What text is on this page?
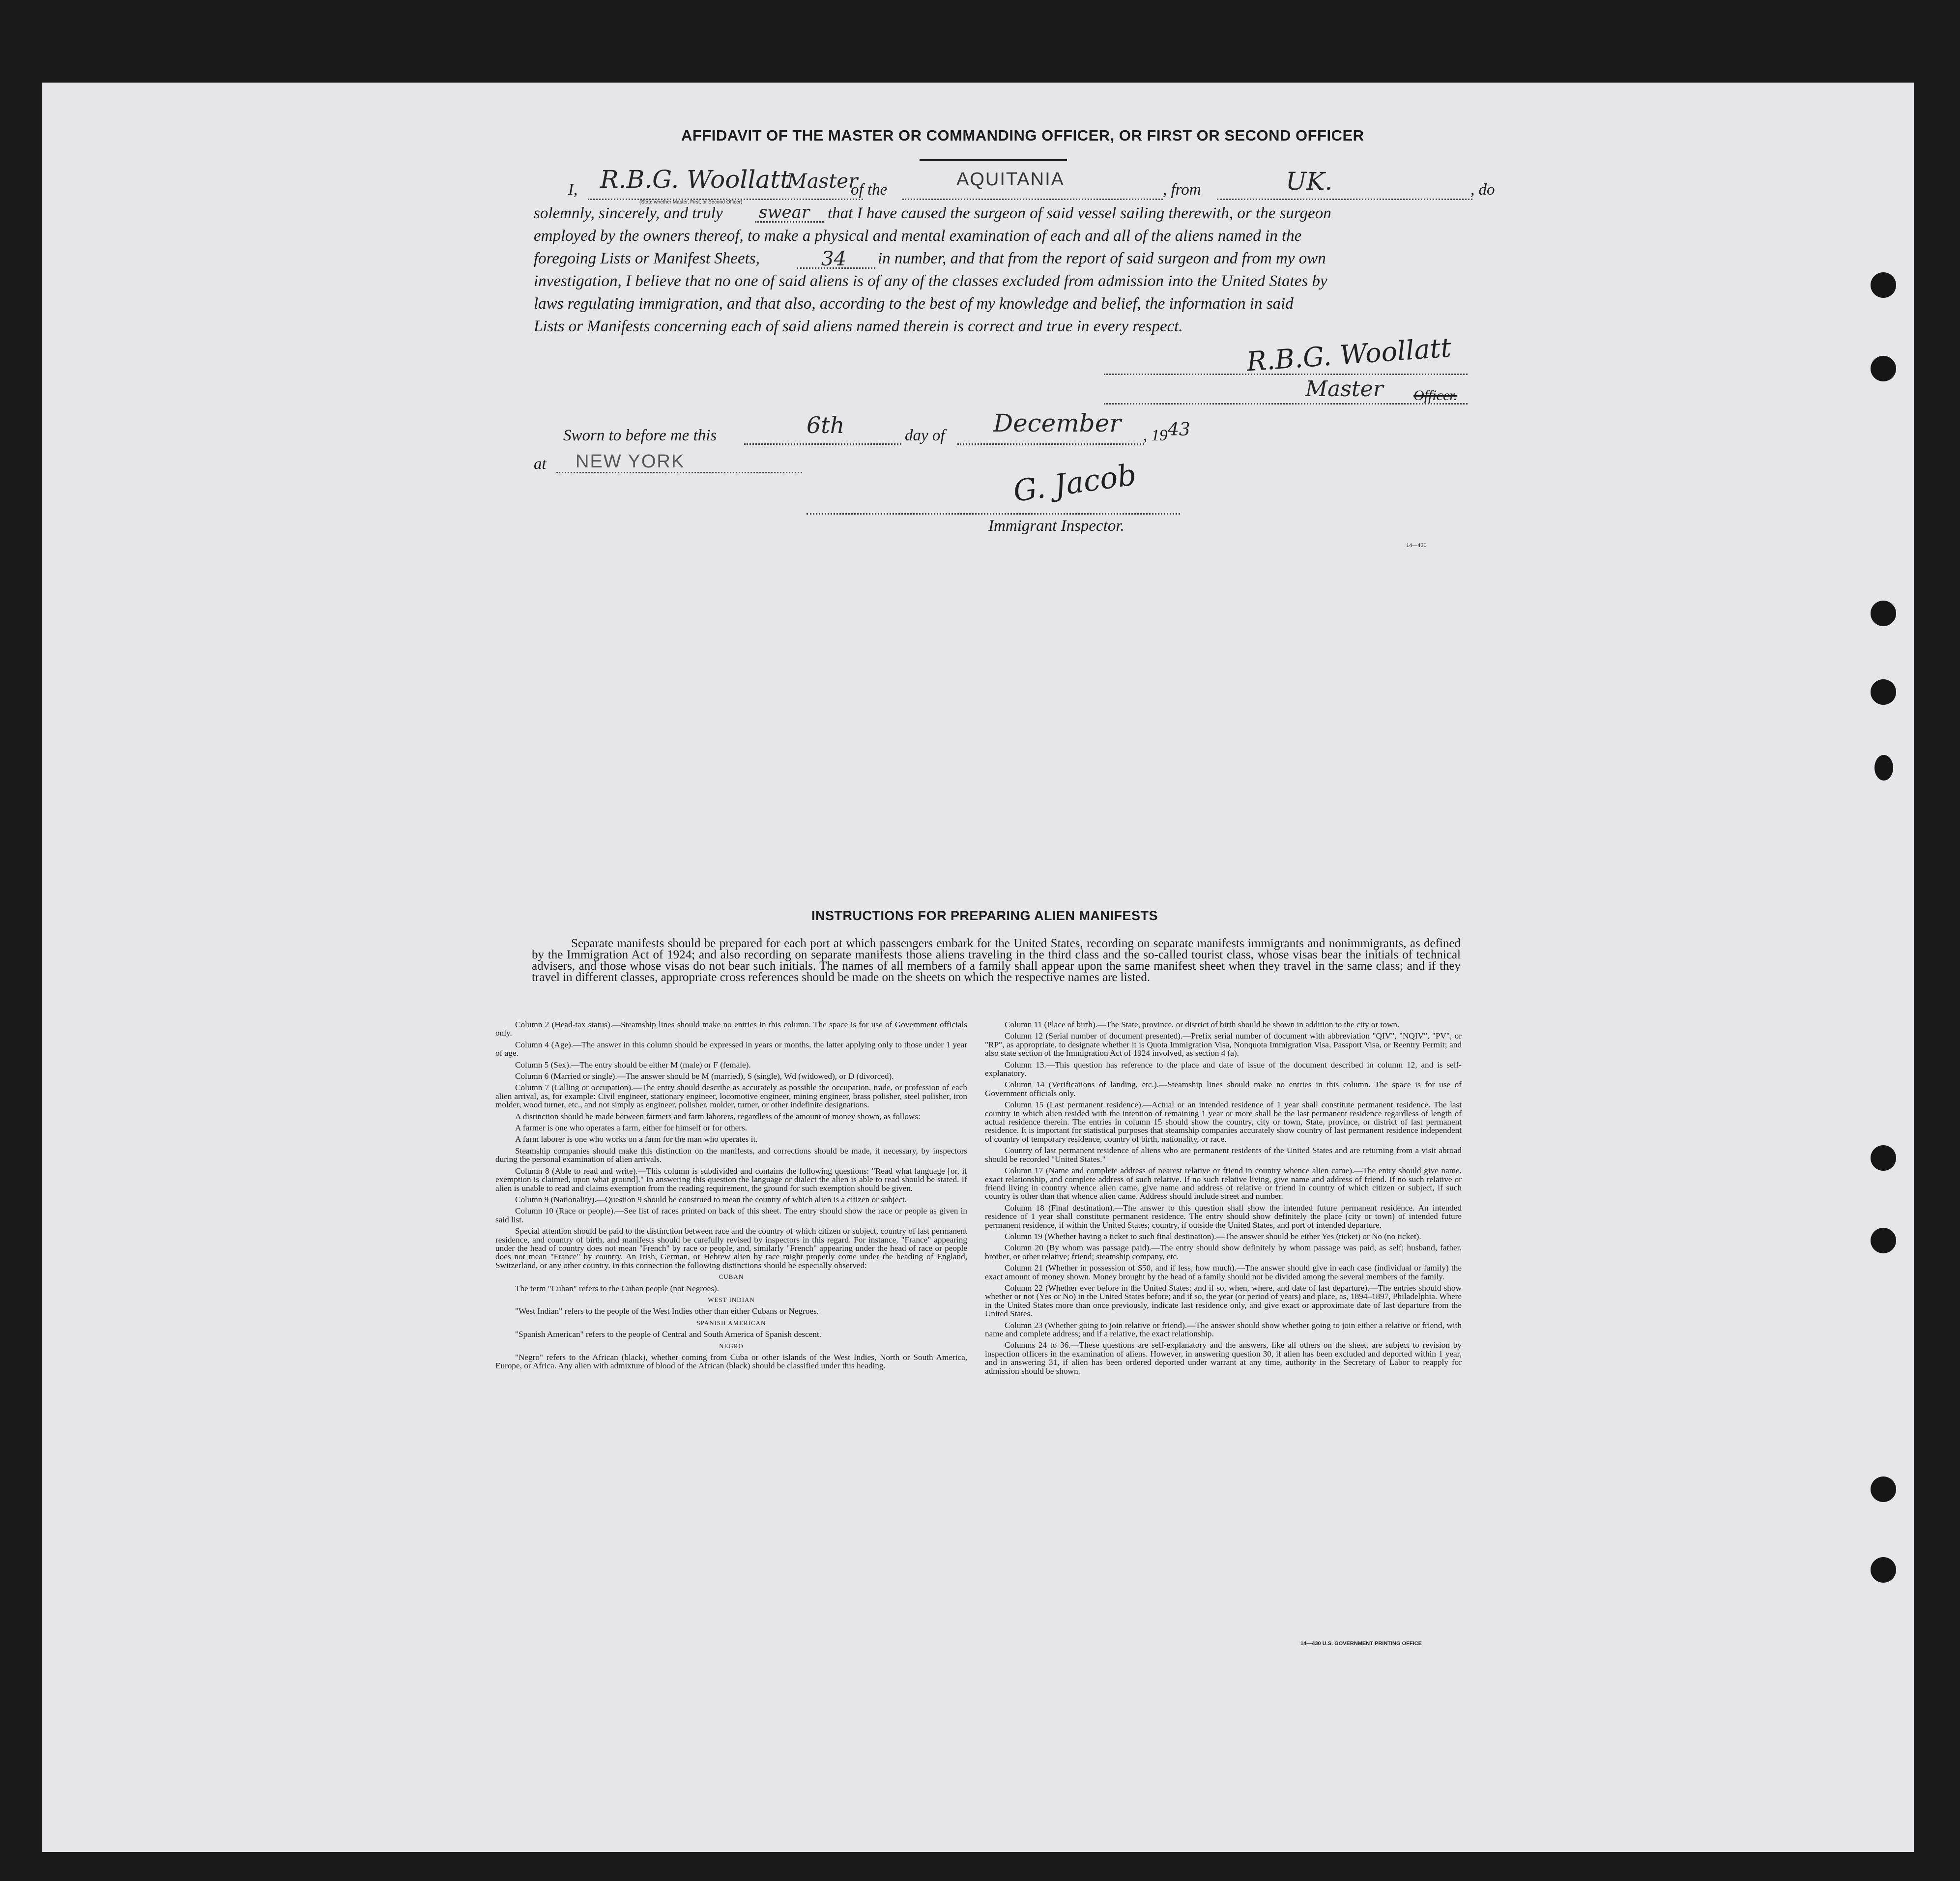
AFFIDAVIT OF THE MASTER OR COMMANDING OFFICER, OR FIRST OR SECOND OFFICER
I, R.B.G. Woollatt
Master
(State whether Master, First, or Second Officer)
of the	AQUITANIA	, from	UK.	, do
solemnly, sincerely, and truly swear that I have caused the surgeon of said vessel sailing therewith, or the surgeon
employed by the owners thereof, to make a physical and mental examination of each and all of the aliens named in the
foregoing Lists or Manifest Sheets,	34 in number, and that from the report of said surgeon and from my own
investigation, I believe that no one of said aliens is of any of the classes excluded from admission into the United States by
laws regulating immigration, and that also, according to the best of my knowledge and belief, the information in said
Lists or Manifests concerning each of said aliens named therein is correct and true in every respect.
R.B.G. Woollatt
Master Officer.
Sworn to before me this	6th	day of December , 19 43
at NEW YORK	G. Jacob
Immigrant Inspector.
14—430
INSTRUCTIONS FOR PREPARING ALIEN MANIFESTS
Separate manifests should be prepared for each port at which passengers embark for the United States, recording on separate manifests immigrants and nonimmigrants, as defined by the Immigration Act of 1924; and also recording on separate manifests those aliens traveling in the third class and the so-called tourist class, whose visas bear the initials of technical advisers, and those whose visas do not bear such initials. The names of all members of a family shall appear upon the same manifest sheet when they travel in the same class; and if they travel in different classes, appropriate cross references should be made on the sheets on which the respective names are listed.

Column 2 (Head-tax status).—Steamship lines should make no entries in this column. The space is for use of Government officials only.

Column 4 (Age).—The answer in this column should be expressed in years or months, the latter applying only to those under 1 year of age.

Column 5 (Sex).—The entry should be either M (male) or F (female).

Column 6 (Married or single).—The answer should be M (married), S (single), Wd (widowed), or D (divorced).

Column 7 (Calling or occupation).—The entry should describe as accurately as possible the occupation, trade, or profession of each alien arrival, as, for example: Civil engineer, stationary engineer, locomotive engineer, mining engineer, brass polisher, steel polisher, iron molder, wood turner, etc., and not simply as engineer, polisher, molder, turner, or other indefinite designations.

A distinction should be made between farmers and farm laborers, regardless of the amount of money shown, as follows:

A farmer is one who operates a farm, either for himself or for others.

A farm laborer is one who works on a farm for the man who operates it.

Steamship companies should make this distinction on the manifests, and corrections should be made, if necessary, by inspectors during the personal examination of alien arrivals.

Column 8 (Able to read and write).—This column is subdivided and contains the following questions: "Read what language [or, if exemption is claimed, upon what ground]." In answering this question the language or dialect the alien is able to read should be stated. If alien is unable to read and claims exemption from the reading requirement, the ground for such exemption should be given.

Column 9 (Nationality).—Question 9 should be construed to mean the country of which alien is a citizen or subject.

Column 10 (Race or people).—See list of races printed on back of this sheet. The entry should show the race or people as given in said list.

Special attention should be paid to the distinction between race and the country of which citizen or subject, country of last permanent residence, and country of birth, and manifests should be carefully revised by inspectors in this regard. For instance, "France" appearing under the head of country does not mean "French" by race or people, and, similarly "French" appearing under the head of race or people does not mean "France" by country. An Irish, German, or Hebrew alien by race might properly come under the heading of England, Switzerland, or any other country. In this connection the following distinctions should be especially observed:

CUBAN

The term "Cuban" refers to the Cuban people (not Negroes).

WEST INDIAN

"West Indian" refers to the people of the West Indies other than either Cubans or Negroes.

SPANISH AMERICAN

"Spanish American" refers to the people of Central and South America of Spanish descent.

NEGRO

"Negro" refers to the African (black), whether coming from Cuba or other islands of the West Indies, North or South America, Europe, or Africa. Any alien with admixture of blood of the African (black) should be classified under this heading.

Column 11 (Place of birth).—The State, province, or district of birth should be shown in addition to the city or town.

Column 12 (Serial number of document presented).—Prefix serial number of document with abbreviation "QIV", "NQIV", "PV", or "RP", as appropriate, to designate whether it is Quota Immigration Visa, Nonquota Immigration Visa, Passport Visa, or Reentry Permit; and also state section of the Immigration Act of 1924 involved, as section 4 (a).

Column 13.—This question has reference to the place and date of issue of the document described in column 12, and is self-explanatory.

Column 14 (Verifications of landing, etc.).—Steamship lines should make no entries in this column. The space is for use of Government officials only.

Column 15 (Last permanent residence).—Actual or an intended residence of 1 year shall constitute permanent residence. The last country in which alien resided with the intention of remaining 1 year or more shall be the last permanent residence regardless of length of actual residence therein. The entries in column 15 should show the country, city or town, State, province, or district of last permanent residence. It is important for statistical purposes that steamship companies accurately show country of last permanent residence independent of country of temporary residence, country of birth, nationality, or race.

Country of last permanent residence of aliens who are permanent residents of the United States and are returning from a visit abroad should be recorded "United States."

Column 17 (Name and complete address of nearest relative or friend in country whence alien came).—The entry should give name, exact relationship, and complete address of such relative. If no such relative living, give name and address of friend. If no such relative or friend living in country whence alien came, give name and address of relative or friend in country of which citizen or subject, if such country is other than that whence alien came. Address should include street and number.

Column 18 (Final destination).—The answer to this question shall show the intended future permanent residence. An intended residence of 1 year shall constitute permanent residence. The entry should show definitely the place (city or town) of intended future permanent residence, if within the United States; country, if outside the United States, and port of intended departure.

Column 19 (Whether having a ticket to such final destination).—The answer should be either Yes (ticket) or No (no ticket).

Column 20 (By whom was passage paid).—The entry should show definitely by whom passage was paid, as self; husband, father, brother, or other relative; friend; steamship company, etc.

Column 21 (Whether in possession of $50, and if less, how much).—The answer should give in each case (individual or family) the exact amount of money shown. Money brought by the head of a family should not be divided among the several members of the family.

Column 22 (Whether ever before in the United States; and if so, when, where, and date of last departure).—The entries should show whether or not (Yes or No) in the United States before; and if so, the year (or period of years) and place, as, 1894–1897, Philadelphia. Where in the United States more than once previously, indicate last residence only, and give exact or approximate date of last departure from the United States.

Column 23 (Whether going to join relative or friend).—The answer should show whether going to join either a relative or friend, with name and complete address; and if a relative, the exact relationship.

Columns 24 to 36.—These questions are self-explanatory and the answers, like all others on the sheet, are subject to revision by inspection officers in the examination of aliens. However, in answering question 30, if alien has been excluded and deported within 1 year, and in answering 31, if alien has been ordered deported under warrant at any time, authority in the Secretary of Labor to reapply for admission should be shown.

14—430 U.S. GOVERNMENT PRINTING OFFICE
